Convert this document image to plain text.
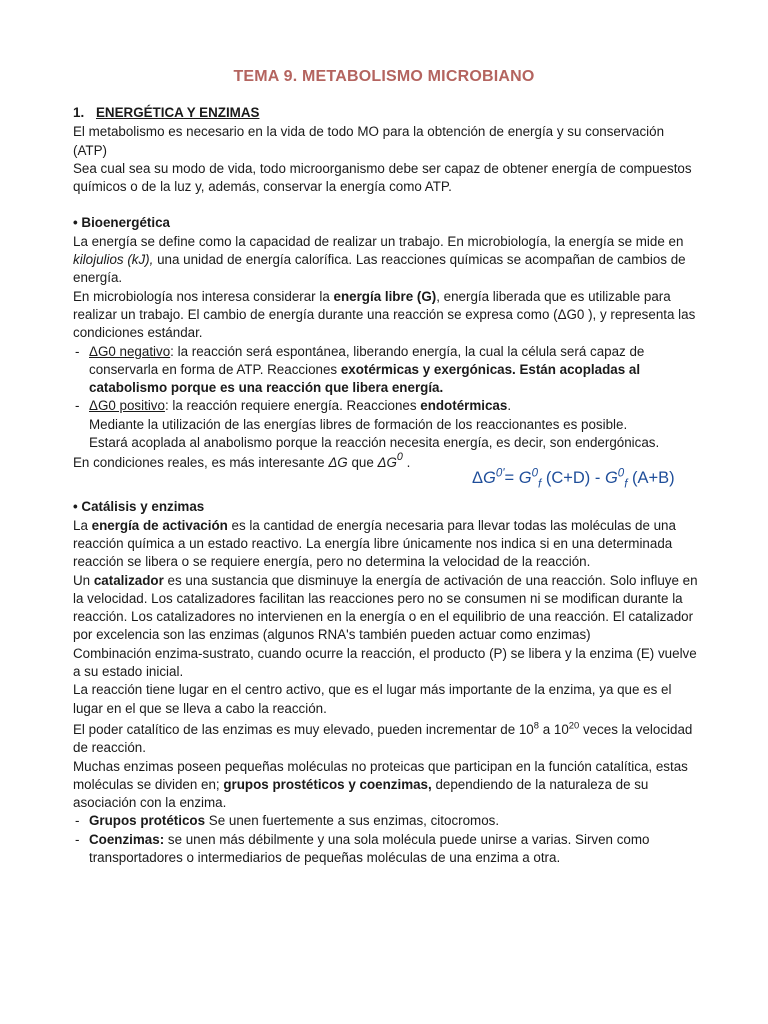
TEMA 9. METABOLISMO MICROBIANO

1. ENERGÉTICA Y ENZIMAS

El metabolismo es necesario en la vida de todo MO para la obtención de energía y su conservación (ATP)

Sea cual sea su modo de vida, todo microorganismo debe ser capaz de obtener energía de compuestos químicos o de la luz y, además, conservar la energía como ATP.

• Bioenergética

La energía se define como la capacidad de realizar un trabajo. En microbiología, la energía se mide en kilojulios (kJ), una unidad de energía calorífica. Las reacciones químicas se acompañan de cambios de energía.

En microbiología nos interesa considerar la energía libre (G), energía liberada que es utilizable para realizar un trabajo. El cambio de energía durante una reacción se expresa como (ΔG0 ), y representa las condiciones estándar.

- ΔG0 negativo: la reacción será espontánea, liberando energía, la cual la célula será capaz de conservarla en forma de ATP. Reacciones exotérmicas y exergónicas. Están acopladas al catabolismo porque es una reacción que libera energía.
- ΔG0 positivo: la reacción requiere energía. Reacciones endotérmicas.
Mediante la utilización de las energías libres de formación de los reaccionantes es posible.
Estará acoplada al anabolismo porque la reacción necesita energía, es decir, son endergónicas.
En condiciones reales, es más interesante ΔG que $\Delta G^0$ .
$\Delta G^{0'}= G^0_f$ $(C+D) - G^0_f$ (A+B)

• Catálisis y enzimas

La energía de activación es la cantidad de energía necesaria para llevar todas las moléculas de una reacción química a un estado reactivo. La energía libre únicamente nos indica si en una determinada reacción se libera o se requiere energía, pero no determina la velocidad de la reacción.

Un catalizador es una sustancia que disminuye la energía de activación de una reacción. Solo influye en la velocidad. Los catalizadores facilitan las reacciones pero no se consumen ni se modifican durante la reacción. Los catalizadores no intervienen en la energía o en el equilibrio de una reacción. El catalizador por excelencia son las enzimas (algunos RNA's también pueden actuar como enzimas)

Combinación enzima-sustrato, cuando ocurre la reacción, el producto (P) se libera y la enzima (E) vuelve a su estado inicial.

La reacción tiene lugar en el centro activo, que es el lugar más importante de la enzima, ya que es el lugar en el que se lleva a cabo la reacción.

El poder catalítico de las enzimas es muy elevado, pueden incrementar de $10^8$ a $10^{20}$ veces la velocidad de reacción.

Muchas enzimas poseen pequeñas moléculas no proteicas que participan en la función catalítica, estas moléculas se dividen en; grupos prostéticos y coenzimas, dependiendo de la naturaleza de su asociación con la enzima.

- Grupos protéticos Se unen fuertemente a sus enzimas, citocromos.
- Coenzimas: se unen más débilmente y una sola molécula puede unirse a varias. Sirven como transportadores o intermediarios de pequeñas moléculas de una enzima a otra.
